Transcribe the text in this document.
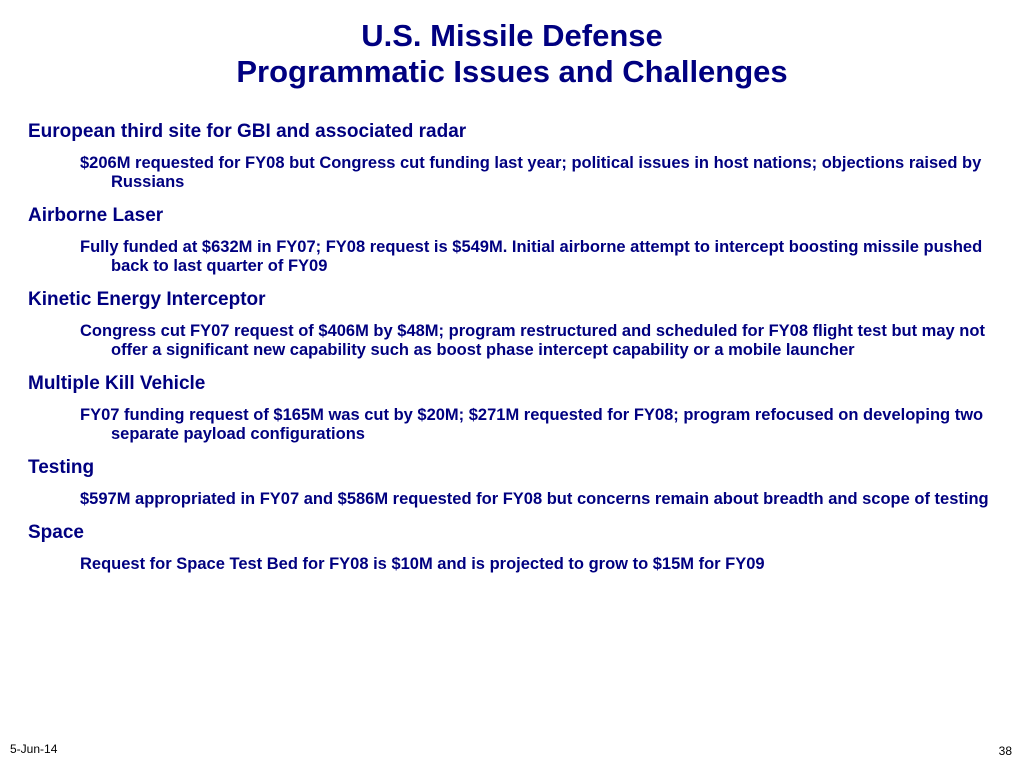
U.S. Missile Defense
Programmatic Issues and Challenges

European third site for GBI and associated radar

$206M requested for FY08 but Congress cut funding last year; political issues in host nations; objections raised by Russians

Airborne Laser

Fully funded at $632M in FY07; FY08 request is $549M. Initial airborne attempt to intercept boosting missile pushed back to last quarter of FY09

Kinetic Energy Interceptor

Congress cut FY07 request of $406M by $48M; program restructured and scheduled for FY08 flight test but may not offer a significant new capability such as boost phase intercept capability or a mobile launcher

Multiple Kill Vehicle

FY07 funding request of $165M was cut by $20M; $271M requested for FY08; program refocused on developing two separate payload configurations

Testing

$597M appropriated in FY07 and $586M requested for FY08 but concerns remain about breadth and scope of testing

Space

Request for Space Test Bed for FY08 is $10M and is projected to grow to $15M for FY09

5-Jun-14	38
